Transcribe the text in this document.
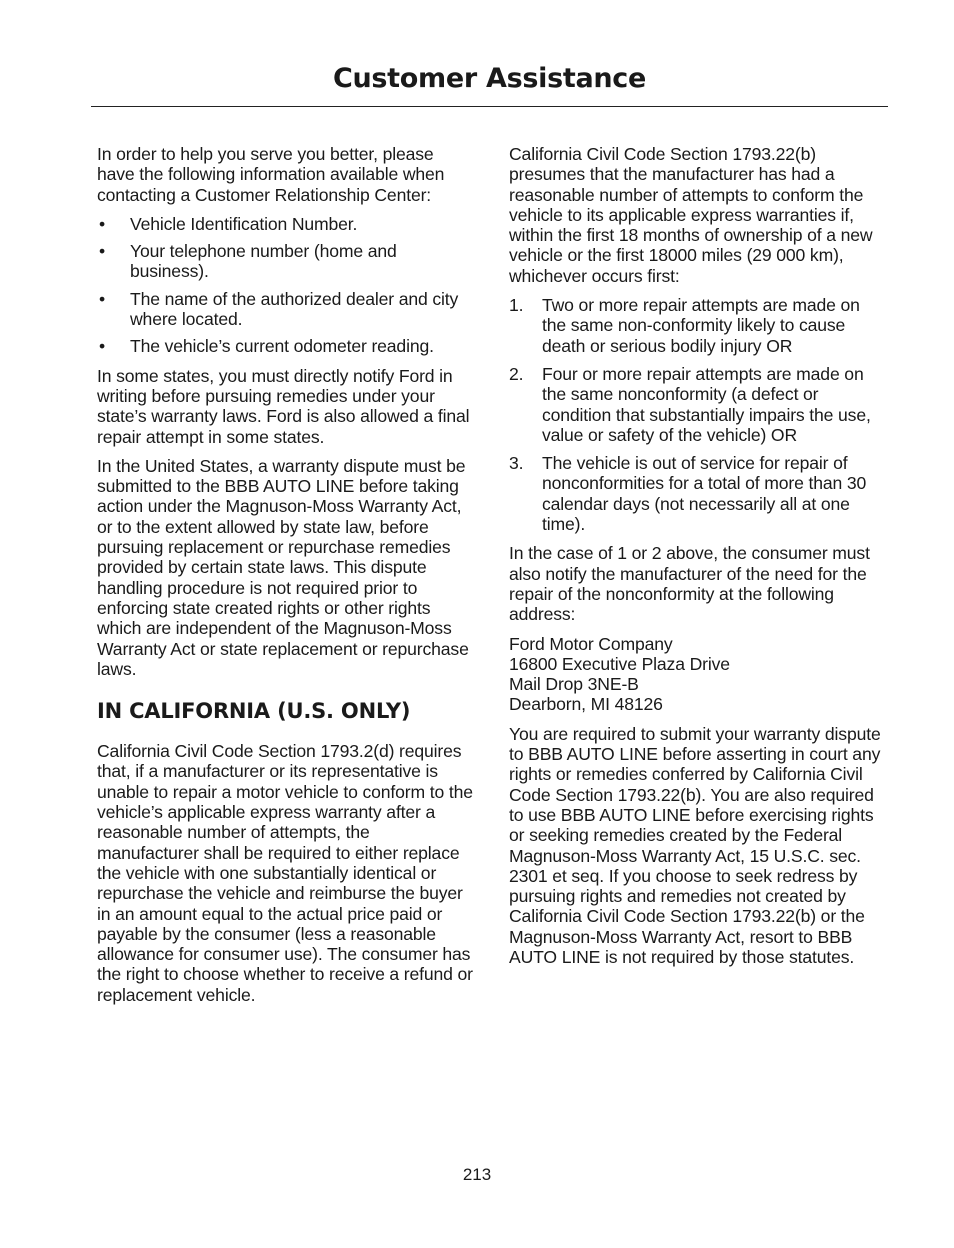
Customer Assistance

In order to help you serve you better, please have the following information available when contacting a Customer Relationship Center:

• Vehicle Identification Number.
• Your telephone number (home and business).
• The name of the authorized dealer and city where located.
• The vehicle’s current odometer reading.

In some states, you must directly notify Ford in writing before pursuing remedies under your state’s warranty laws. Ford is also allowed a final repair attempt in some states.

In the United States, a warranty dispute must be submitted to the BBB AUTO LINE before taking action under the Magnuson-Moss Warranty Act, or to the extent allowed by state law, before pursuing replacement or repurchase remedies provided by certain state laws. This dispute handling procedure is not required prior to enforcing state created rights or other rights which are independent of the Magnuson-Moss Warranty Act or state replacement or repurchase laws.

IN CALIFORNIA (U.S. ONLY)

California Civil Code Section 1793.2(d) requires that, if a manufacturer or its representative is unable to repair a motor vehicle to conform to the vehicle’s applicable express warranty after a reasonable number of attempts, the manufacturer shall be required to either replace the vehicle with one substantially identical or repurchase the vehicle and reimburse the buyer in an amount equal to the actual price paid or payable by the consumer (less a reasonable allowance for consumer use). The consumer has the right to choose whether to receive a refund or replacement vehicle.

California Civil Code Section 1793.22(b) presumes that the manufacturer has had a reasonable number of attempts to conform the vehicle to its applicable express warranties if, within the first 18 months of ownership of a new vehicle or the first 18000 miles (29 000 km), whichever occurs first:

1. Two or more repair attempts are made on the same non-conformity likely to cause death or serious bodily injury OR
2. Four or more repair attempts are made on the same nonconformity (a defect or condition that substantially impairs the use, value or safety of the vehicle) OR
3. The vehicle is out of service for repair of nonconformities for a total of more than 30 calendar days (not necessarily all at one time).

In the case of 1 or 2 above, the consumer must also notify the manufacturer of the need for the repair of the nonconformity at the following address:

Ford Motor Company
16800 Executive Plaza Drive
Mail Drop 3NE-B
Dearborn, MI 48126

You are required to submit your warranty dispute to BBB AUTO LINE before asserting in court any rights or remedies conferred by California Civil Code Section 1793.22(b). You are also required to use BBB AUTO LINE before exercising rights or seeking remedies created by the Federal Magnuson-Moss Warranty Act, 15 U.S.C. sec. 2301 et seq. If you choose to seek redress by pursuing rights and remedies not created by California Civil Code Section 1793.22(b) or the Magnuson-Moss Warranty Act, resort to BBB AUTO LINE is not required by those statutes.

213
